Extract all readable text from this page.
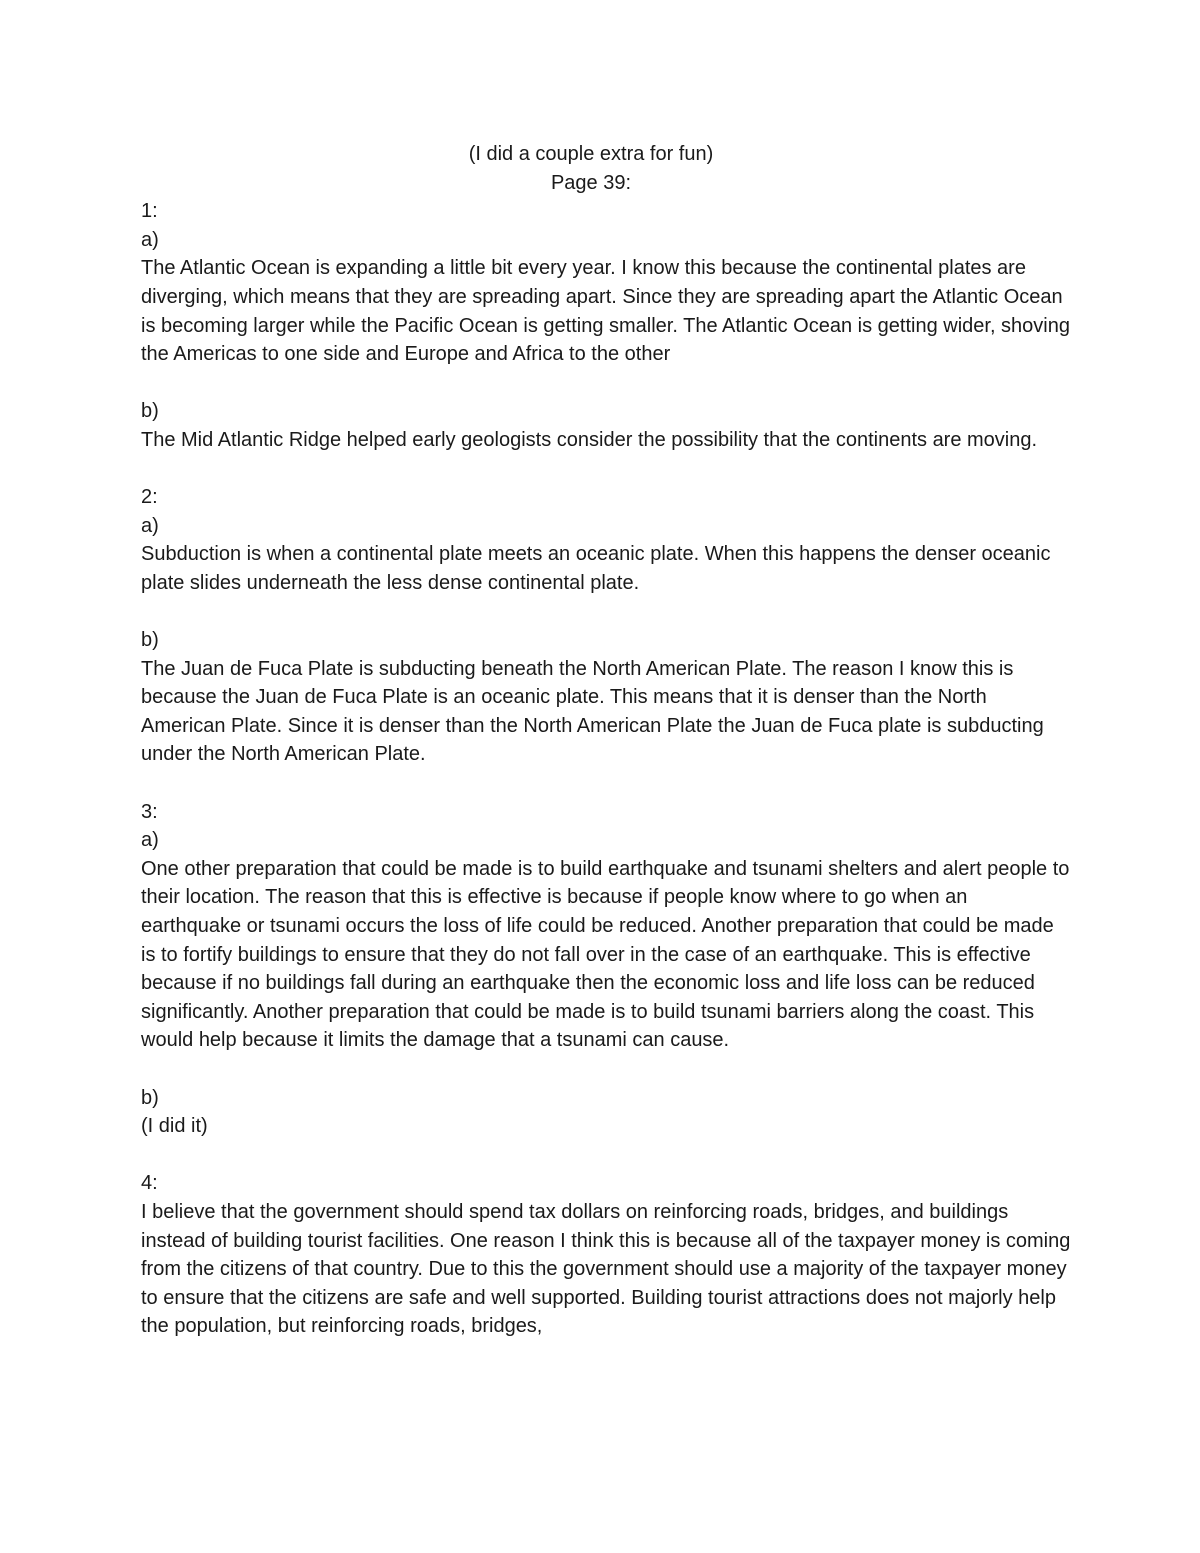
(I did a couple extra for fun)

Page 39:

1:

a)

The Atlantic Ocean is expanding a little bit every year. I know this because the continental plates are diverging, which means that they are spreading apart. Since they are spreading apart the Atlantic Ocean is becoming larger while the Pacific Ocean is getting smaller. The Atlantic Ocean is getting wider, shoving the Americas to one side and Europe and Africa to the other

b)

The Mid Atlantic Ridge helped early geologists consider the possibility that the continents are moving.

2:

a)

Subduction is when a continental plate meets an oceanic plate. When this happens the denser oceanic plate slides underneath the less dense continental plate.

b)

The Juan de Fuca Plate is subducting beneath the North American Plate. The reason I know this is because the Juan de Fuca Plate is an oceanic plate. This means that it is denser than the North American Plate. Since it is denser than the North American Plate the Juan de Fuca plate is subducting under the North American Plate.

3:

a)

One other preparation that could be made is to build earthquake and tsunami shelters and alert people to their location. The reason that this is effective is because if people know where to go when an earthquake or tsunami occurs the loss of life could be reduced. Another preparation that could be made is to fortify buildings to ensure that they do not fall over in the case of an earthquake. This is effective because if no buildings fall during an earthquake then the economic loss and life loss can be reduced significantly. Another preparation that could be made is to build tsunami barriers along the coast. This would help because it limits the damage that a tsunami can cause.

b)

(I did it)

4:

I believe that the government should spend tax dollars on reinforcing roads, bridges, and buildings instead of building tourist facilities. One reason I think this is because all of the taxpayer money is coming from the citizens of that country. Due to this the government should use a majority of the taxpayer money to ensure that the citizens are safe and well supported. Building tourist attractions does not majorly help the population, but reinforcing roads, bridges,
